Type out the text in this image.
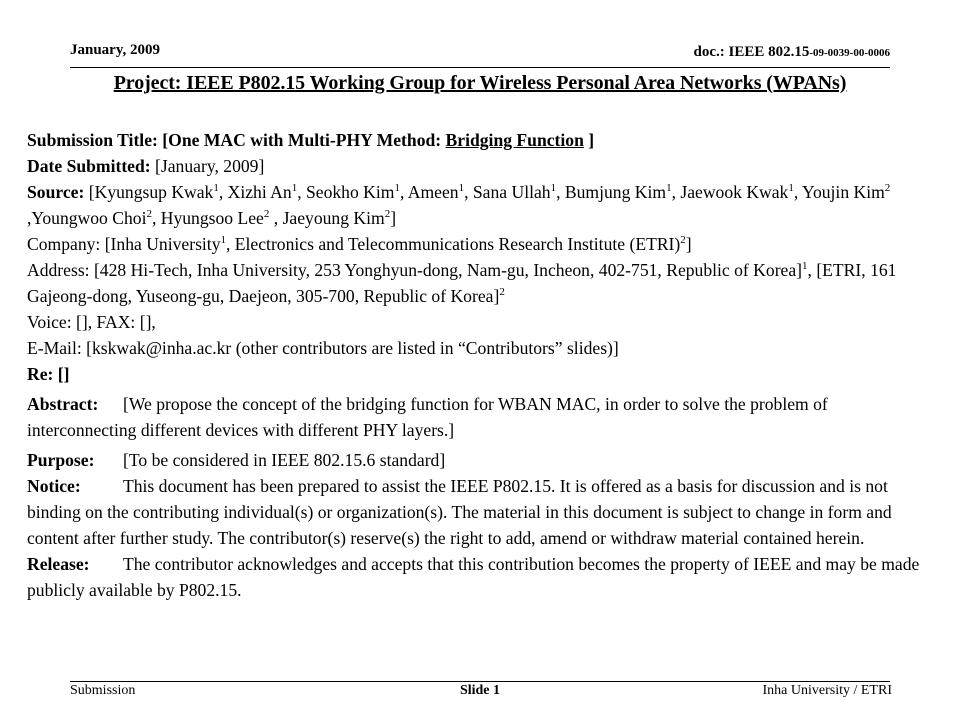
January, 2009	doc.: IEEE 802.15-09-0039-00-0006
Project: IEEE P802.15 Working Group for Wireless Personal Area Networks (WPANs)

Submission Title: [One MAC with Multi-PHY Method: Bridging Function ]

Date Submitted: [January, 2009]

Source: [Kyungsup Kwak$^1$, Xizhi An$^1$, Seokho Kim$^1$, Ameen$^1$, Sana Ullah$^1$, Bumjung Kim$^1$, Jaewook Kwak$^1$, Youjin Kim$^2$ ,Youngwoo Choi$^2$, Hyungsoo Lee$^2$ , Jaeyoung Kim$^2$]

Company: [Inha University$^1$, Electronics and Telecommunications Research Institute (ETRI)$^2$]

Address: [428 Hi-Tech, Inha University, 253 Yonghyun-dong, Nam-gu, Incheon, 402-751, Republic of Korea]$^1$, [ETRI, 161 Gajeong-dong, Yuseong-gu, Daejeon, 305-700, Republic of Korea]$^2$

Voice: [], FAX: [],

E-Mail: [kskwak@inha.ac.kr (other contributors are listed in “Contributors” slides)]

Re: []

Abstract: [We propose the concept of the bridging function for WBAN MAC, in order to solve the problem of interconnecting different devices with different PHY layers.]

Purpose: [To be considered in IEEE 802.15.6 standard]

Notice: This document has been prepared to assist the IEEE P802.15. It is offered as a basis for discussion and is not binding on the contributing individual(s) or organization(s). The material in this document is subject to change in form and content after further study. The contributor(s) reserve(s) the right to add, amend or withdraw material contained herein.

Release: The contributor acknowledges and accepts that this contribution becomes the property of IEEE and may be made publicly available by P802.15.

Submission	Slide 1	Inha University / ETRI
